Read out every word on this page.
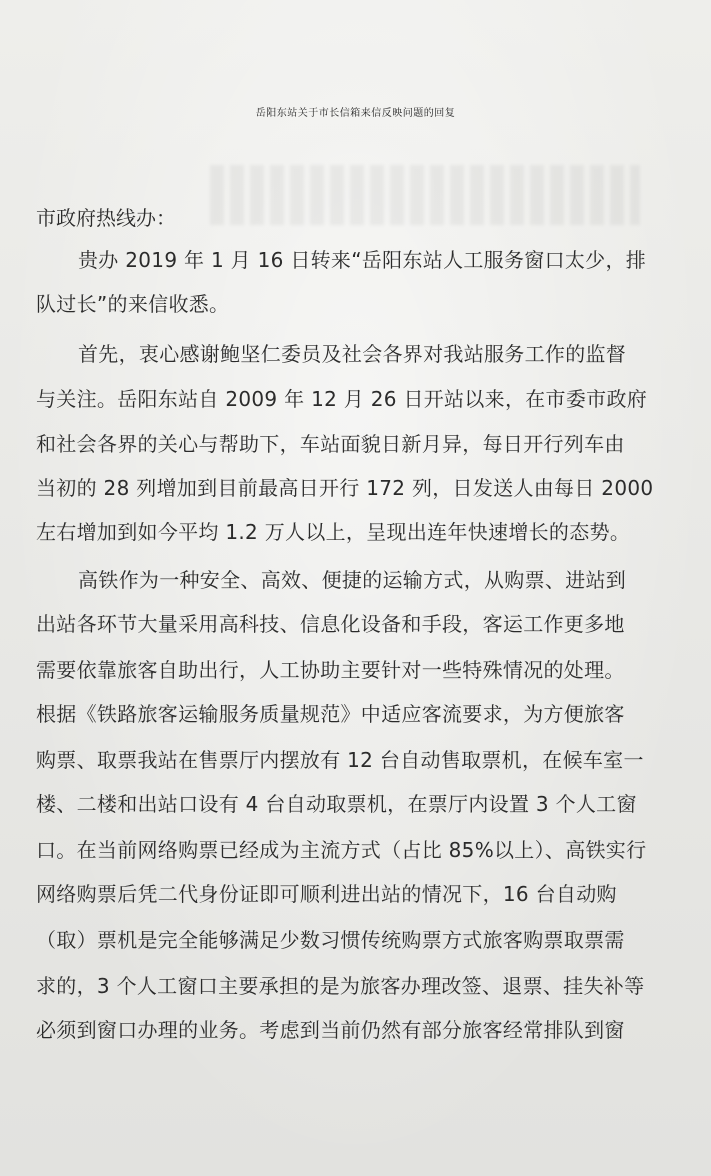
岳阳东站关于市长信箱来信反映问题的回复
市政府热线办：
贵办 2019 年 1 月 16 日转来“岳阳东站人工服务窗口太少，排
队过长”的来信收悉。
首先，衷心感谢鲍坚仁委员及社会各界对我站服务工作的监督
与关注。岳阳东站自 2009 年 12 月 26 日开站以来，在市委市政府
和社会各界的关心与帮助下，车站面貌日新月异，每日开行列车由
当初的 28 列增加到目前最高日开行 172 列，日发送人由每日 2000
左右增加到如今平均 1.2 万人以上，呈现出连年快速增长的态势。
高铁作为一种安全、高效、便捷的运输方式，从购票、进站到
出站各环节大量采用高科技、信息化设备和手段，客运工作更多地
需要依靠旅客自助出行，人工协助主要针对一些特殊情况的处理。
根据《铁路旅客运输服务质量规范》中适应客流要求，为方便旅客
购票、取票我站在售票厅内摆放有 12 台自动售取票机，在候车室一
楼、二楼和出站口设有 4 台自动取票机，在票厅内设置 3 个人工窗
口。在当前网络购票已经成为主流方式（占比 85%以上）、高铁实行
网络购票后凭二代身份证即可顺利进出站的情况下，16 台自动购
（取）票机是完全能够满足少数习惯传统购票方式旅客购票取票需
求的，3 个人工窗口主要承担的是为旅客办理改签、退票、挂失补等
必须到窗口办理的业务。考虑到当前仍然有部分旅客经常排队到窗
